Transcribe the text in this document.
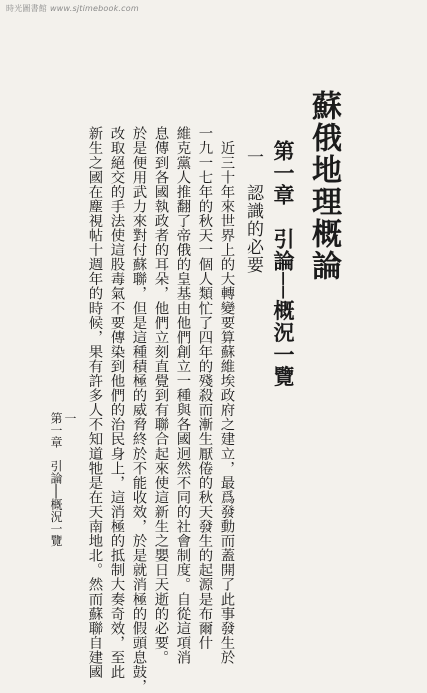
時光圖書館 www.sjtimebook.com
蘇俄地理概論
第一章　引論──概況一覽
一　認識的必要
　近三十年來世界上的大轉變要算蘇維埃政府之建立，最爲發動而蓋開了此事發生於
一九一七年的秋天一個人類忙了四年的殘殺而漸生厭倦的秋天發生的起源是布爾什
維克黨人推翻了帝俄的皇基由他們創立一種與各國迥然不同的社會制度。自從這項消
息傳到各國執政者的耳朵，他們立刻直覺到有聯合起來使這新生之嬰日天逝的必要。
於是便用武力來對付蘇聯，但是這種積極的威脅終於不能收效，於是就消極的假頭息鼓，
改取絕交的手法使這股毒氣不要傳染到他們的治民身上，這消極的抵制大奏奇效，至此
新生之國在塵視帖十週年的時候，果有許多人不知道牠是在天南地北。然而蘇聯自建國
第一章　引論──概況一覽 一
